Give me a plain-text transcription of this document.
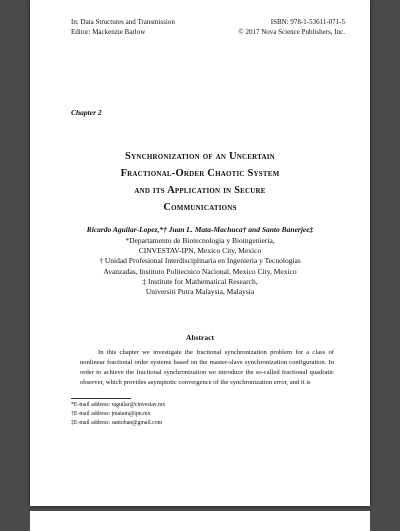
In: Data Structures and Transmission
Editor: Mackenzie Barlow
ISBN: 978-1-53611-071-5
© 2017 Nova Science Publishers, Inc.
Chapter 2
Synchronization of an Uncertain
Fractional-Order Chaotic System
and its Application in Secure
Communications
Ricardo Aguilar-Lopez,*† Juan L. Mata-Machuca† and Santo Banerjee‡
*Departamento de Biotecnologia y Bioingenieria,
CINVESTAV-IPN, Mexico City, Mexico
† Unidad Profesional Interdisciplinaria en Ingenieria y Tecnologias
Avanzadas, Instituto Politecnico Nacional, Mexico City, Mexico
‡ Institute for Mathematical Research,
Universiti Putra Malaysia, Malaysia
Abstract
In this chapter we investigate the fractional synchronization problem for a class of nonlinear fractional order systems based on the master-slave synchronization configuration. In order to achieve the fractional synchronization we introduce the so-called fractional quadratic observer, which provides asymptotic convergence of the synchronization error, and it is
*E-mail address: raguilar@cinvestav.mx
†E-mail address: jmatam@ipn.mx
‡E-mail address: santoban@gmail.com
